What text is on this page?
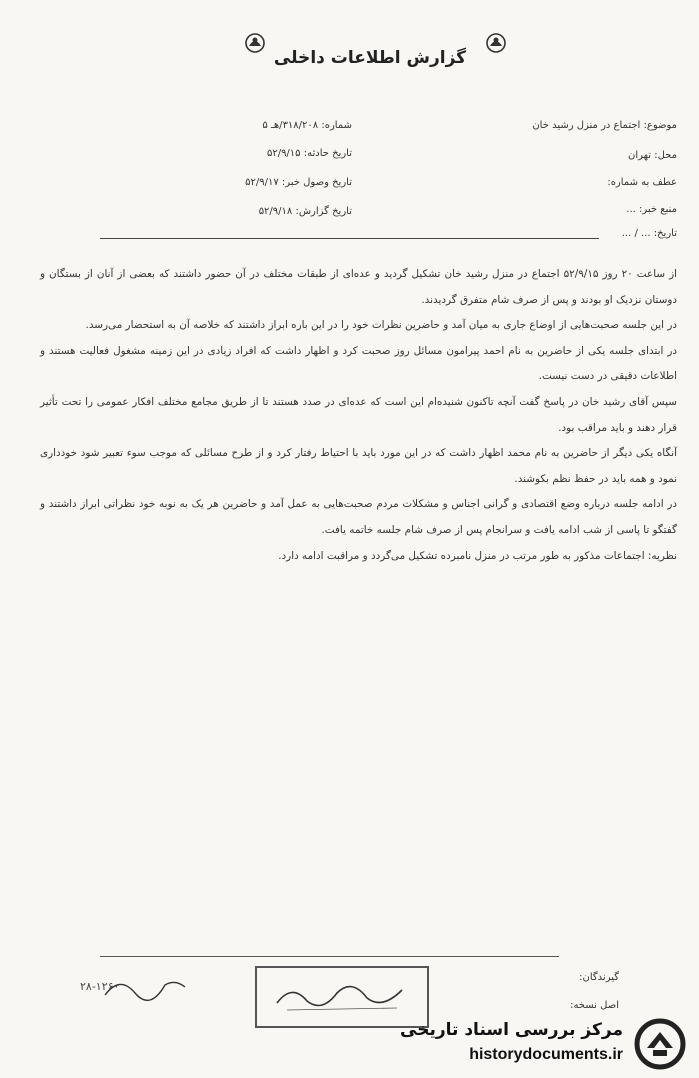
گزارش اطلاعات داخلی
موضوع: اجتماع در منزل رشید خان
محل: تهران
عطف به شماره:
منبع خبر: ...
تاریخ: ... / ...
شماره: ۳۱۸/۲۰۸/هـ ۵
تاریخ حادثه: ۵۲/۹/۱۵
تاریخ وصول خبر: ۵۲/۹/۱۷
تاریخ گزارش: ۵۲/۹/۱۸

از ساعت ۲۰ روز ۵۲/۹/۱۵ اجتماع در منزل رشید خان تشکیل گردید و عده‌ای از طبقات مختلف در آن حضور داشتند که بعضی از آنان از بستگان و دوستان نزدیک او بودند و پس از صرف شام متفرق گردیدند.

در این جلسه صحبت‌هایی از اوضاع جاری به میان آمد و حاضرین نظرات خود را در این باره ابراز داشتند که خلاصه آن به استحضار می‌رسد.

در ابتدای جلسه یکی از حاضرین به نام احمد پیرامون مسائل روز صحبت کرد و اظهار داشت که افراد زیادی در این زمینه مشغول فعالیت هستند و اطلاعات دقیقی در دست نیست.

سپس آقای رشید خان در پاسخ گفت آنچه تاکنون شنیده‌ام این است که عده‌ای در صدد هستند تا از طریق مجامع مختلف افکار عمومی را تحت تأثیر قرار دهند و باید مراقب بود.

آنگاه یکی دیگر از حاضرین به نام محمد اظهار داشت که در این مورد باید با احتیاط رفتار کرد و از طرح مسائلی که موجب سوء تعبیر شود خودداری نمود و همه باید در حفظ نظم بکوشند.

در ادامه جلسه درباره وضع اقتصادی و گرانی اجناس و مشکلات مردم صحبت‌هایی به عمل آمد و حاضرین هر یک به نوبه خود نظراتی ابراز داشتند و گفتگو تا پاسی از شب ادامه یافت و سرانجام پس از صرف شام جلسه خاتمه یافت.

نظریه: اجتماعات مذکور به طور مرتب در منزل نامبرده تشکیل می‌گردد و مراقبت ادامه دارد.

۲۸-۱۲۶۰
گیرندگان:
اصل نسخه:
مرکز بررسی اسناد تاریخی
historydocuments.ir
